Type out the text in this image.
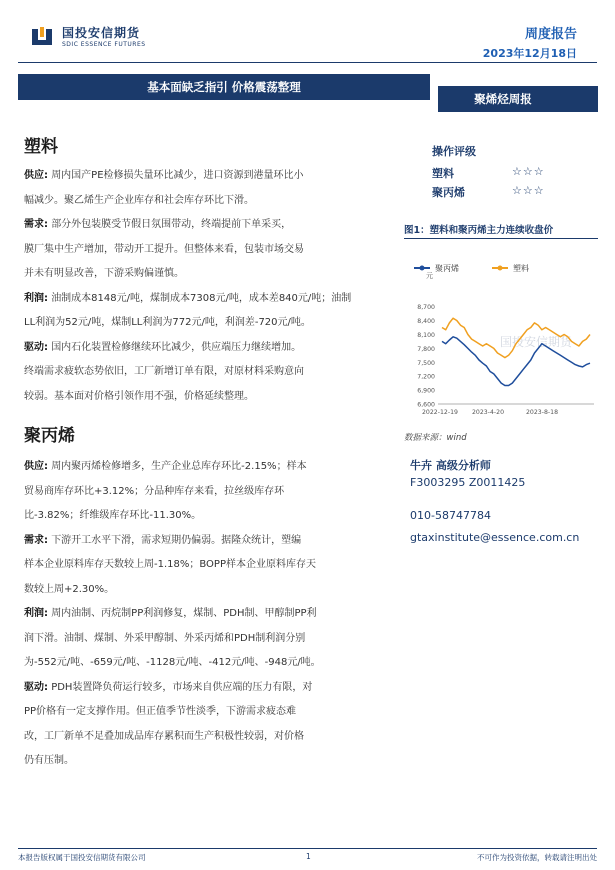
国投安信期货
SDIC ESSENCE FUTURES
周度报告
2023年12月18日
基本面缺乏指引 价格震荡整理
聚烯烃周报
塑料
供应: 周内国产PE检修损失量环比减少，进口资源到港量环比小
幅减少。聚乙烯生产企业库存和社会库存环比下滑。
需求: 部分外包装膜受节假日氛围带动，终端提前下单采买，
膜厂集中生产增加，带动开工提升。但整体来看，包装市场交易
并未有明显改善，下游采购偏谨慎。
利润: 油制成本8148元/吨，煤制成本7308元/吨，成本差840元/吨；油制
LL利润为52元/吨，煤制LL利润为772元/吨，利润差-720元/吨。
驱动: 国内石化装置检修继续环比减少，供应端压力继续增加。
终端需求疲软态势依旧，工厂新增订单有限，对原材料采购意向
较弱。基本面对价格引领作用不强，价格延续整理。
聚丙烯
供应: 周内聚丙烯检修增多，生产企业总库存环比-2.15%；样本
贸易商库存环比+3.12%；分品种库存来看，拉丝级库存环
比-3.82%；纤维级库存环比-11.30%。
需求: 下游开工水平下滑，需求短期仍偏弱。据隆众统计，塑编
样本企业原料库存天数较上周-1.18%；BOPP样本企业原料库存天
数较上周+2.30%。
利润: 周内油制、丙烷制PP利润修复，煤制、PDH制、甲醇制PP利
润下滑。油制、煤制、外采甲醇制、外采丙烯和PDH制利润分别
为-552元/吨、-659元/吨、-1128元/吨、-412元/吨、-948元/吨。
驱动: PDH装置降负荷运行较多，市场来自供应端的压力有限，对
PP价格有一定支撑作用。但正值季节性淡季，下游需求疲态难
改，工厂新单不足叠加成品库存累积而生产积极性较弱，对价格
仍有压制。
操作评级
塑料	☆☆☆
聚丙烯	☆☆☆
图1：塑料和聚丙烯主力连续收盘价
国投安信期货
聚丙烯	塑料
元
6,600
6,900
7,200
7,500
7,800
8,100
8,400
8,700
2022-12-19 2023-4-20	2023-8-18
数据来源：wind
牛卉 高级分析师
F3003295 Z0011425
010-58747784
gtaxinstitute@essence.com.cn
本报告版权属于国投安信期货有限公司	1	不可作为投资依据，转载请注明出处
